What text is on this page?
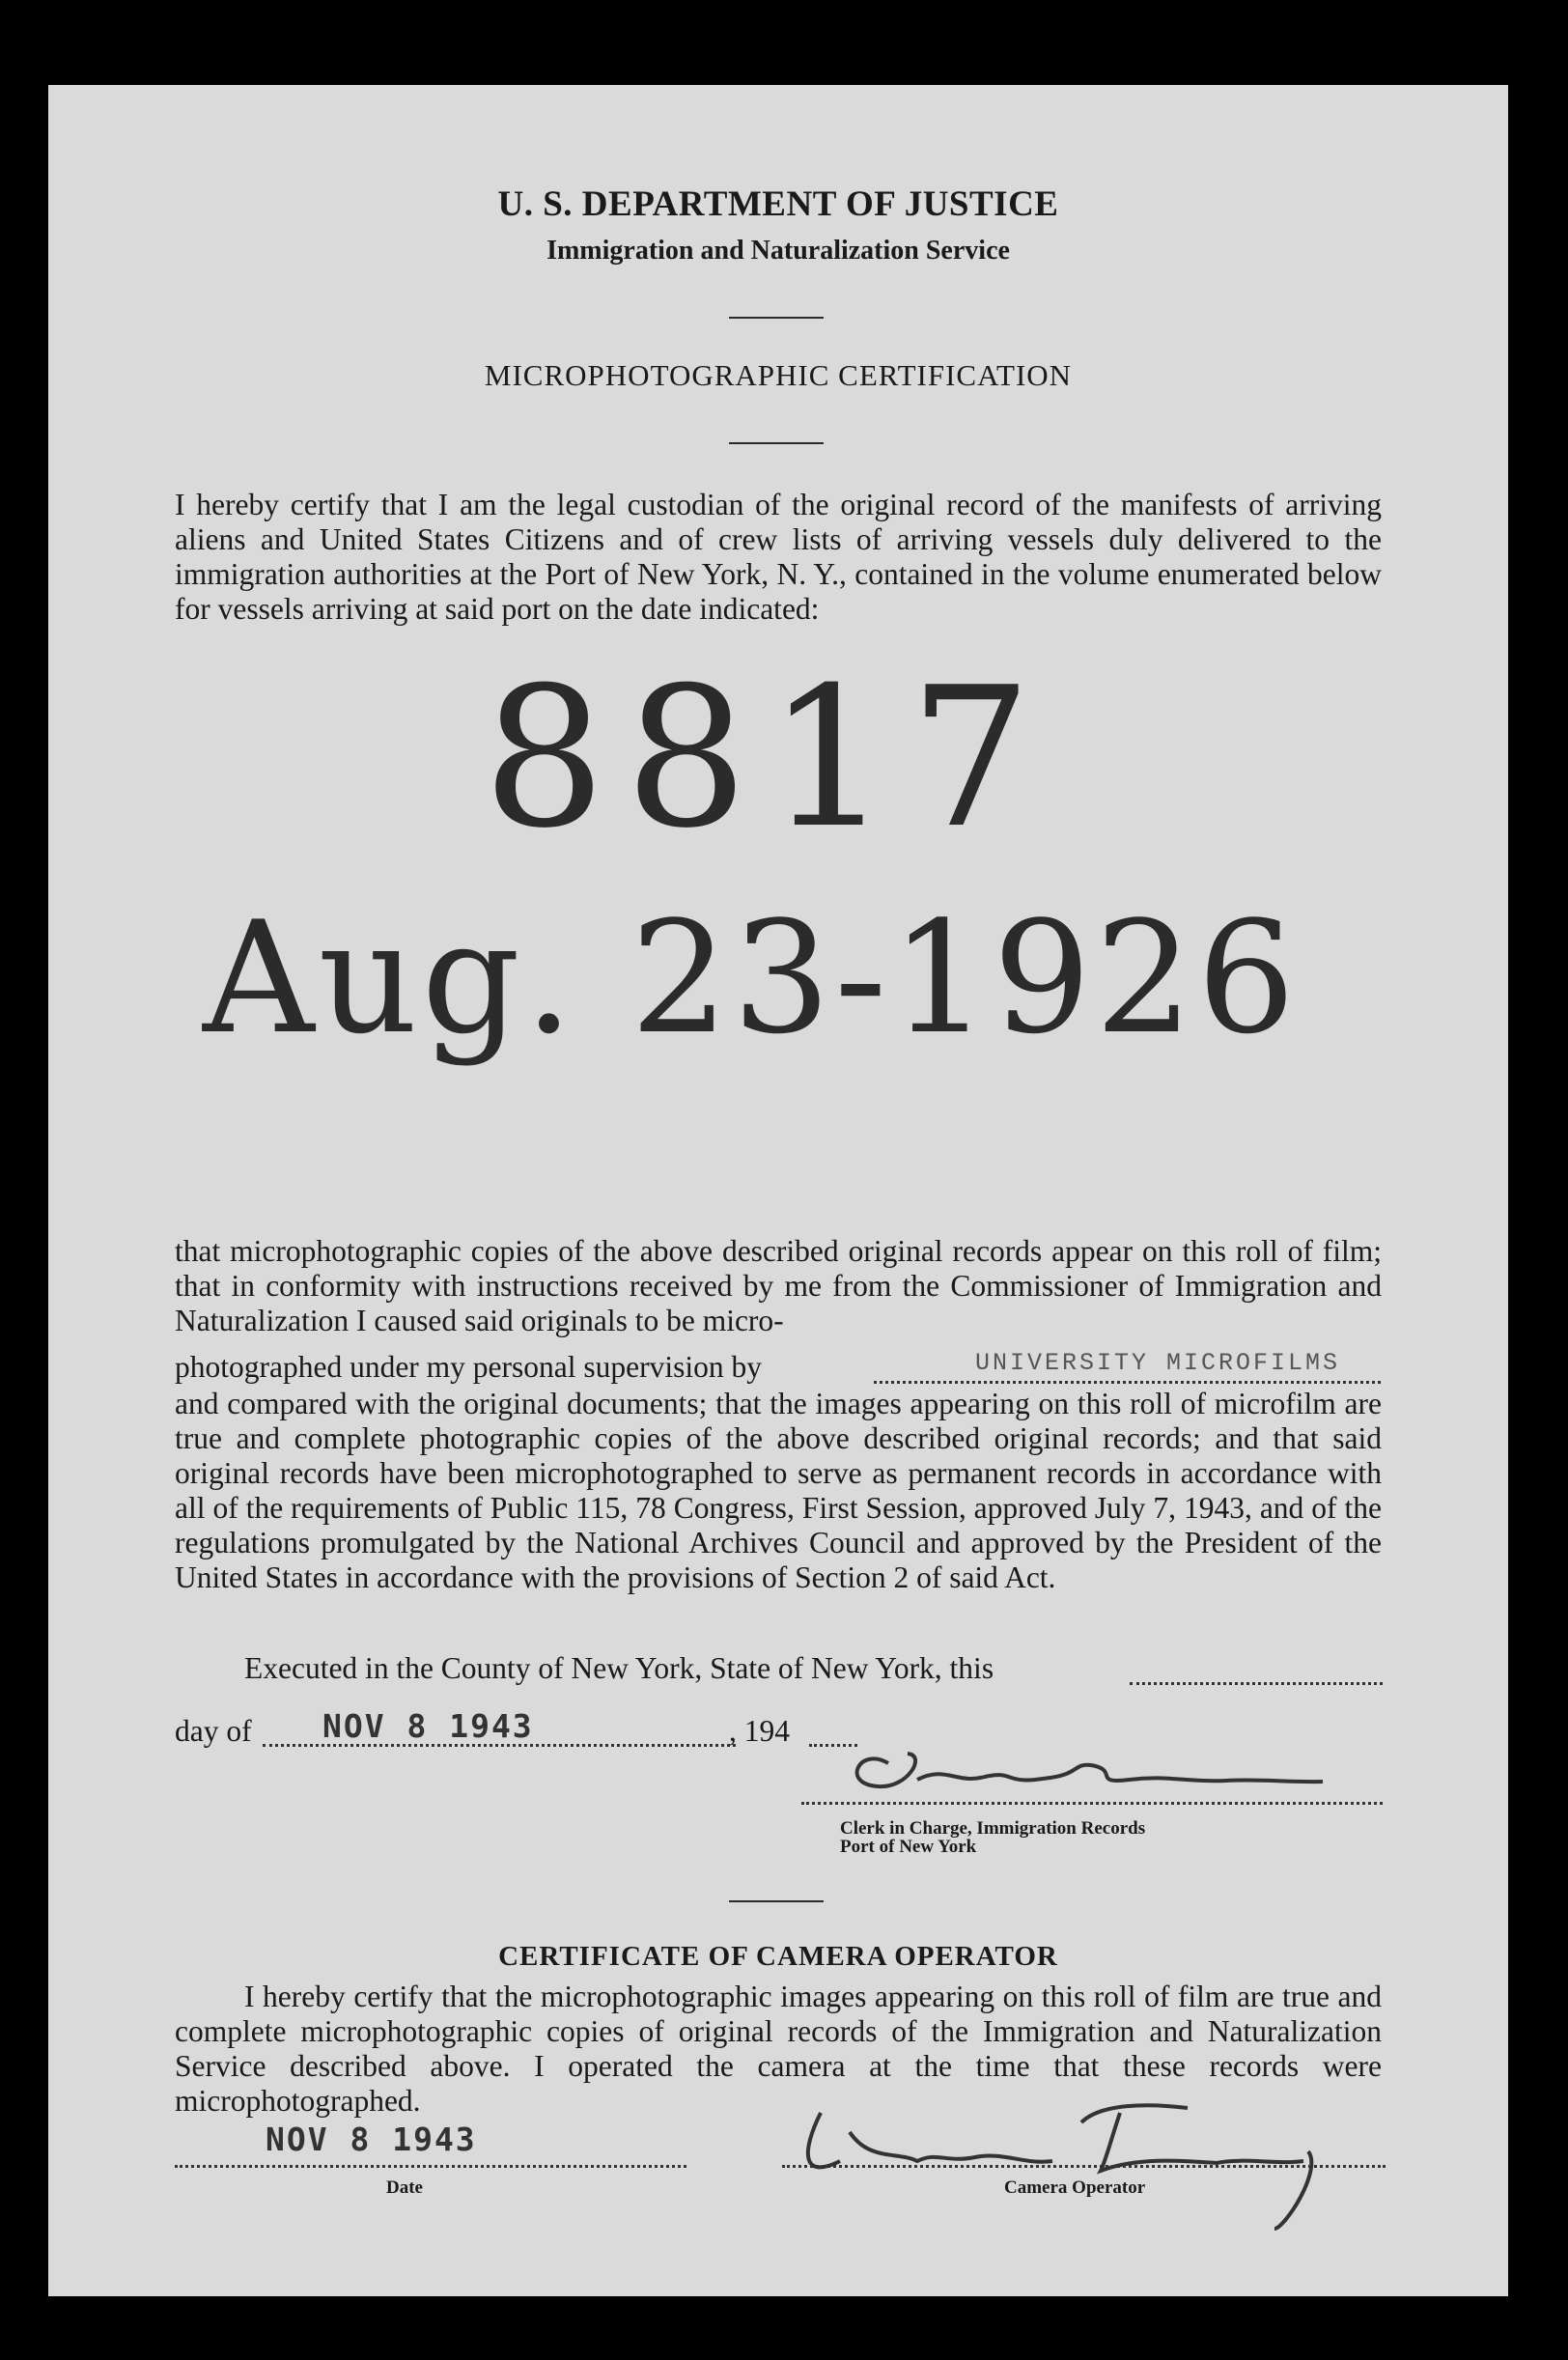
U. S. DEPARTMENT OF JUSTICE
Immigration and Naturalization Service
MICROPHOTOGRAPHIC CERTIFICATION
I hereby certify that I am the legal custodian of the original record of the manifests of arriving aliens and United States Citizens and of crew lists of arriving vessels duly delivered to the immigration authorities at the Port of New York, N. Y., contained in the volume enumerated below for vessels arriving at said port on the date indicated:
8817
Aug. 23-1926
that microphotographic copies of the above described original records appear on this roll of film; that in conformity with instructions received by me from the Commissioner of Immigration and Naturalization I caused said originals to be micro-
photographed under my personal supervision by	UNIVERSITY MICROFILMS
and compared with the original documents; that the images appearing on this roll of microfilm are true and complete photographic copies of the above described original records; and that said original records have been microphotographed to serve as permanent records in accordance with all of the requirements of Public 115, 78 Congress, First Session, approved July 7, 1943, and of the regulations promulgated by the National Archives Council and approved by the President of the United States in accordance with the provisions of Section 2 of said Act.
Executed in the County of New York, State of New York, this
day of NOV 8 1943	, 194
Clerk in Charge, Immigration Records
Port of New York
CERTIFICATE OF CAMERA OPERATOR
I hereby certify that the microphotographic images appearing on this roll of film are true and complete microphotographic copies of original records of the Immigration and Naturalization Service described above. I operated the camera at the time that these records were microphotographed.
NOV 8 1943
Date	Camera Operator
